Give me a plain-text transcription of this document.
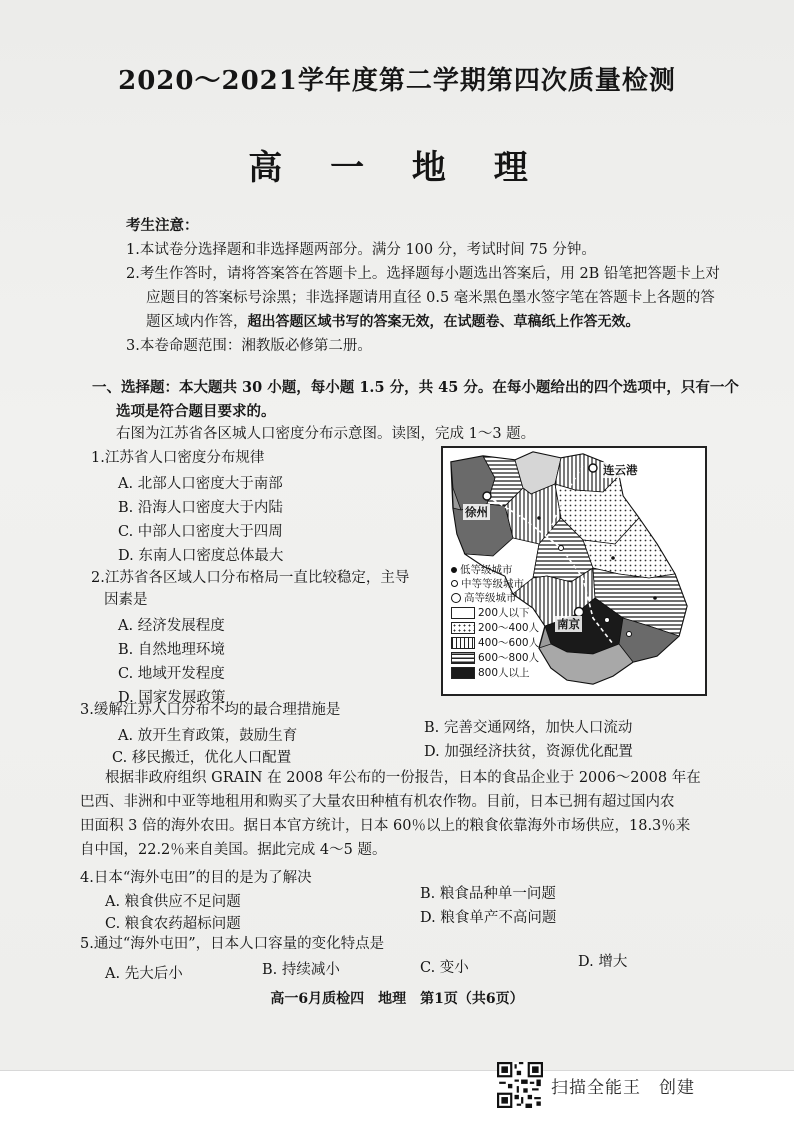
2020～2021学年度第二学期第四次质量检测
高 一 地 理
考生注意：
1.本试卷分选择题和非选择题两部分。满分 100 分，考试时间 75 分钟。
2.考生作答时，请将答案答在答题卡上。选择题每小题选出答案后，用 2B 铅笔把答题卡上对
应题目的答案标号涂黑；非选择题请用直径 0.5 毫米黑色墨水签字笔在答题卡上各题的答
题区域内作答，超出答题区域书写的答案无效，在试题卷、草稿纸上作答无效。
3.本卷命题范围：湘教版必修第二册。
一、选择题：本大题共 30 小题，每小题 1.5 分，共 45 分。在每小题给出的四个选项中，只有一个
选项是符合题目要求的。
右图为江苏省各区城人口密度分布示意图。读图，完成 1～3 题。
1.江苏省人口密度分布规律
A. 北部人口密度大于南部
B. 沿海人口密度大于内陆
C. 中部人口密度大于四周
D. 东南人口密度总体最大
2.江苏省各区域人口分布格局一直比较稳定，主导
因素是
A. 经济发展程度
B. 自然地理环境
C. 地域开发程度
D. 国家发展政策
3.缓解江苏人口分布不均的最合理措施是
A. 放开生育政策，鼓励生育	B. 完善交通网络，加快人口流动
C. 移民搬迁，优化人口配置	D. 加强经济扶贫，资源优化配置
根据非政府组织 GRAIN 在 2008 年公布的一份报告，日本的食品企业于 2006～2008 年在
巴西、非洲和中亚等地租用和购买了大量农田种植有机农作物。目前，日本已拥有超过国内农
田面积 3 倍的海外农田。据日本官方统计，日本 60％以上的粮食依靠海外市场供应，18.3％来
自中国，22.2％来自美国。据此完成 4～5 题。
4.日本“海外屯田”的目的是为了解决
A. 粮食供应不足问题	B. 粮食品种单一问题
C. 粮食农药超标问题	D. 粮食单产不高问题
5.通过“海外屯田”，日本人口容量的变化特点是
A. 先大后小	B. 持续减小	C. 变小	D. 增大
高一6月质检四　地理　第1页（共6页）
连云港
徐州
南京
低等级城市
中等等级城市
高等级城市
200人以下
200～400人
400～600人
600～800人
800人以上
扫描全能王　创建
